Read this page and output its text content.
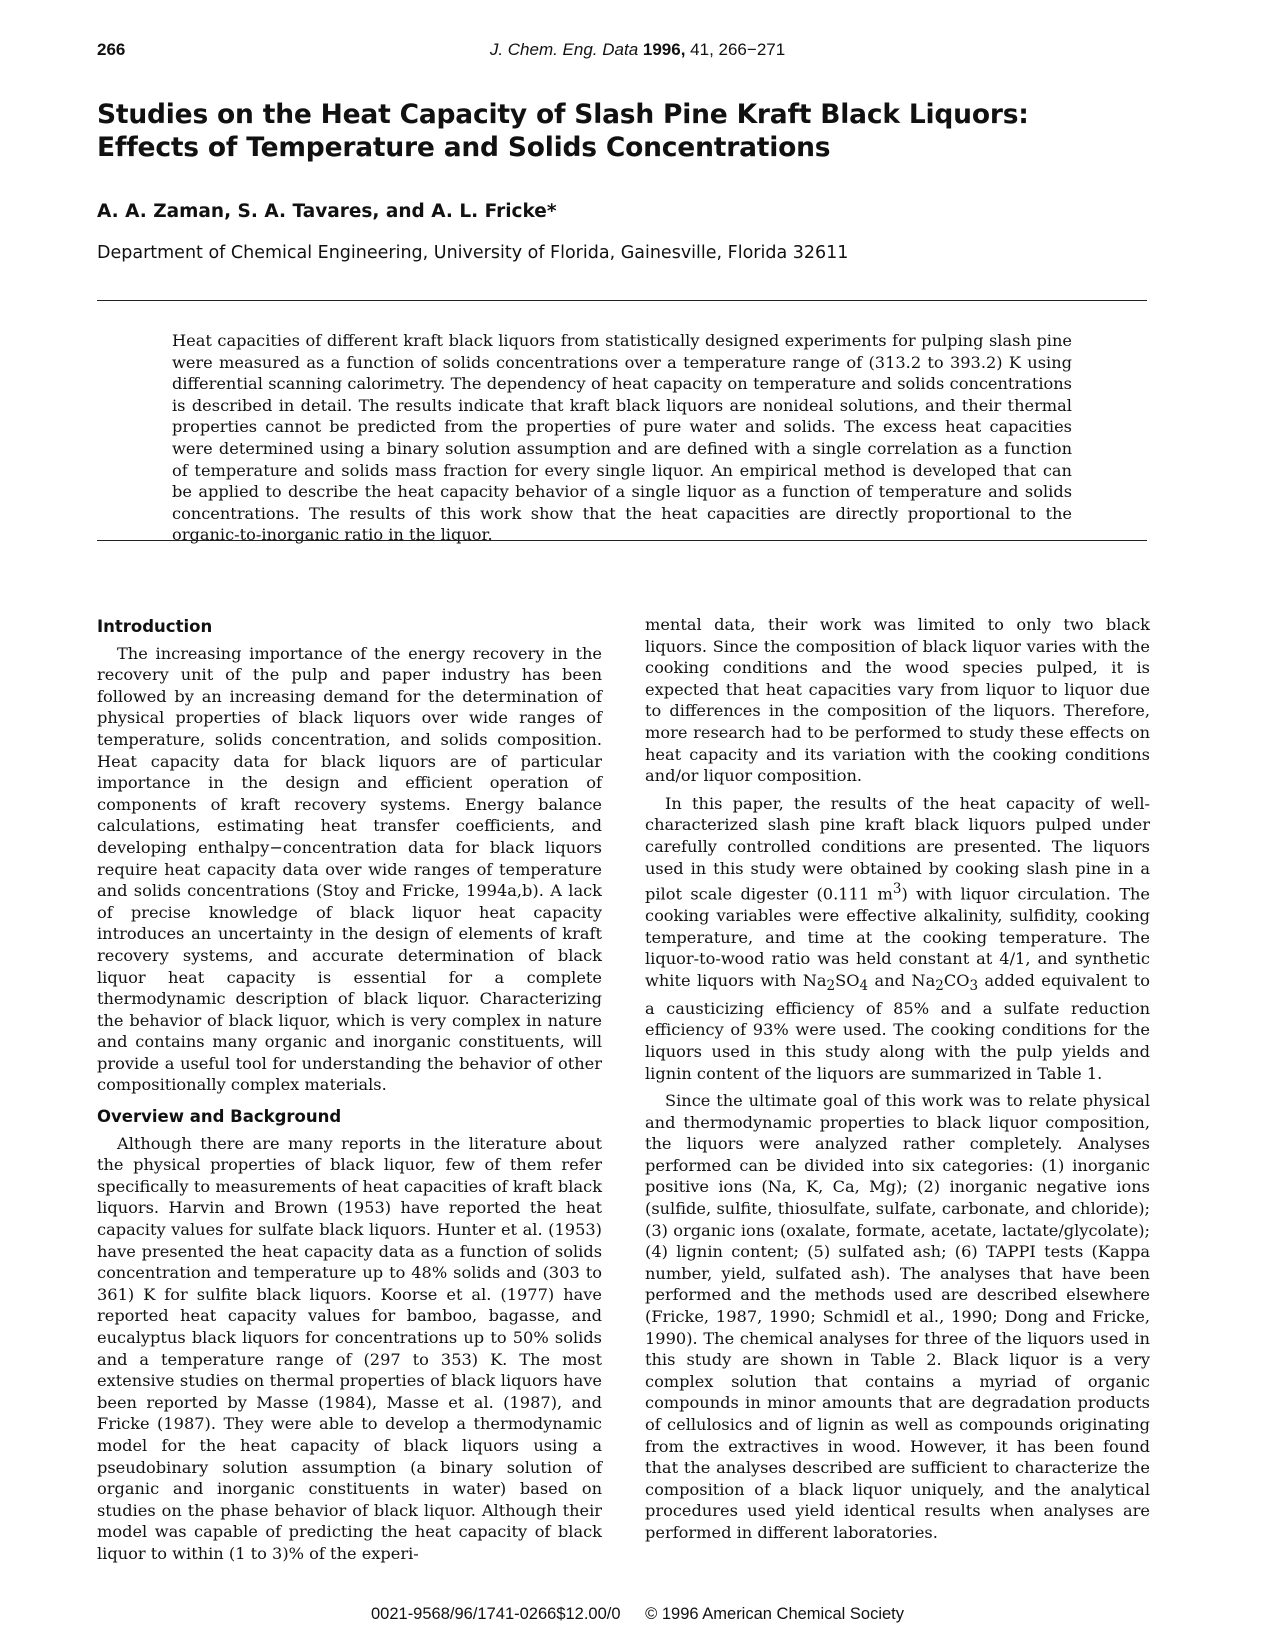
266	J. Chem. Eng. Data 1996, 41, 266−271
Studies on the Heat Capacity of Slash Pine Kraft Black Liquors:
Effects of Temperature and Solids Concentrations
A. A. Zaman, S. A. Tavares, and A. L. Fricke*
Department of Chemical Engineering, University of Florida, Gainesville, Florida 32611
Heat capacities of different kraft black liquors from statistically designed experiments for pulping slash pine were measured as a function of solids concentrations over a temperature range of (313.2 to 393.2) K using differential scanning calorimetry. The dependency of heat capacity on temperature and solids concentrations is described in detail. The results indicate that kraft black liquors are nonideal solutions, and their thermal properties cannot be predicted from the properties of pure water and solids. The excess heat capacities were determined using a binary solution assumption and are defined with a single correlation as a function of temperature and solids mass fraction for every single liquor. An empirical method is developed that can be applied to describe the heat capacity behavior of a single liquor as a function of temperature and solids concentrations. The results of this work show that the heat capacities are directly proportional to the organic-to-inorganic ratio in the liquor.
Introduction

The increasing importance of the energy recovery in the recovery unit of the pulp and paper industry has been followed by an increasing demand for the determination of physical properties of black liquors over wide ranges of temperature, solids concentration, and solids composition. Heat capacity data for black liquors are of particular importance in the design and efficient operation of components of kraft recovery systems. Energy balance calculations, estimating heat transfer coefficients, and developing enthalpy−concentration data for black liquors require heat capacity data over wide ranges of temperature and solids concentrations (Stoy and Fricke, 1994a,b). A lack of precise knowledge of black liquor heat capacity introduces an uncertainty in the design of elements of kraft recovery systems, and accurate determination of black liquor heat capacity is essential for a complete thermodynamic description of black liquor. Characterizing the behavior of black liquor, which is very complex in nature and contains many organic and inorganic constituents, will provide a useful tool for understanding the behavior of other compositionally complex materials.

Overview and Background

Although there are many reports in the literature about the physical properties of black liquor, few of them refer specifically to measurements of heat capacities of kraft black liquors. Harvin and Brown (1953) have reported the heat capacity values for sulfate black liquors. Hunter et al. (1953) have presented the heat capacity data as a function of solids concentration and temperature up to 48% solids and (303 to 361) K for sulfite black liquors. Koorse et al. (1977) have reported heat capacity values for bamboo, bagasse, and eucalyptus black liquors for concentrations up to 50% solids and a temperature range of (297 to 353) K. The most extensive studies on thermal properties of black liquors have been reported by Masse (1984), Masse et al. (1987), and Fricke (1987). They were able to develop a thermodynamic model for the heat capacity of black liquors using a pseudobinary solution assumption (a binary solution of organic and inorganic constituents in water) based on studies on the phase behavior of black liquor. Although their model was capable of predicting the heat capacity of black liquor to within (1 to 3)% of the experi-

mental data, their work was limited to only two black liquors. Since the composition of black liquor varies with the cooking conditions and the wood species pulped, it is expected that heat capacities vary from liquor to liquor due to differences in the composition of the liquors. Therefore, more research had to be performed to study these effects on heat capacity and its variation with the cooking conditions and/or liquor composition.

In this paper, the results of the heat capacity of well-characterized slash pine kraft black liquors pulped under carefully controlled conditions are presented. The liquors used in this study were obtained by cooking slash pine in a pilot scale digester (0.111 $m^3$) with liquor circulation. The cooking variables were effective alkalinity, sulfidity, cooking temperature, and time at the cooking temperature. The liquor-to-wood ratio was held constant at 4/1, and synthetic white liquors with $Na_2SO_4$ and $Na_2CO_3$ added equivalent to a causticizing efficiency of 85% and a sulfate reduction efficiency of 93% were used. The cooking conditions for the liquors used in this study along with the pulp yields and lignin content of the liquors are summarized in Table 1.

Since the ultimate goal of this work was to relate physical and thermodynamic properties to black liquor composition, the liquors were analyzed rather completely. Analyses performed can be divided into six categories: (1) inorganic positive ions (Na, K, Ca, Mg); (2) inorganic negative ions (sulfide, sulfite, thiosulfate, sulfate, carbonate, and chloride); (3) organic ions (oxalate, formate, acetate, lactate/glycolate); (4) lignin content; (5) sulfated ash; (6) TAPPI tests (Kappa number, yield, sulfated ash). The analyses that have been performed and the methods used are described elsewhere (Fricke, 1987, 1990; Schmidl et al., 1990; Dong and Fricke, 1990). The chemical analyses for three of the liquors used in this study are shown in Table 2. Black liquor is a very complex solution that contains a myriad of organic compounds in minor amounts that are degradation products of cellulosics and of lignin as well as compounds originating from the extractives in wood. However, it has been found that the analyses described are sufficient to characterize the composition of a black liquor uniquely, and the analytical procedures used yield identical results when analyses are performed in different laboratories.

0021-9568/96/1741-0266$12.00/0 © 1996 American Chemical Society
